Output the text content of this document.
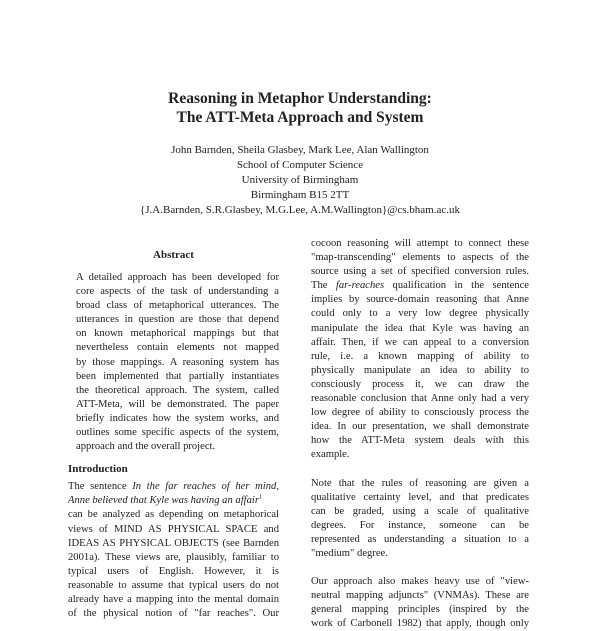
Reasoning in Metaphor Understanding:
The ATT-Meta Approach and System
John Barnden, Sheila Glasbey, Mark Lee, Alan Wallington
School of Computer Science
University of Birmingham
Birmingham B15 2TT
{J.A.Barnden, S.R.Glasbey, M.G.Lee, A.M.Wallington}@cs.bham.ac.uk
Abstract
A detailed approach has been developed for
core aspects of the task of understanding a
broad class of metaphorical utterances. The
utterances in question are those that depend
on known metaphorical mappings but that
nevertheless contain elements not mapped
by those mappings. A reasoning system has
been implemented that partially instantiates
the theoretical approach. The system, called
ATT-Meta, will be demonstrated. The paper
briefly indicates how the system works, and
outlines some specific aspects of the system,
approach and the overall project.
Introduction
The sentence In the far reaches of her mind,
Anne believed that Kyle was having an affair$^1$
can be analyzed as depending on metaphorical
views of MIND AS PHYSICAL SPACE and
IDEAS AS PHYSICAL OBJECTS (see Barnden
2001a). These views are, plausibly, familiar to
typical users of English. However, it is
reasonable to assume that typical users do not
already have a mapping into the mental domain
of the physical notion of "far reaches". Our
cocoon reasoning will attempt to connect these
"map-transcending" elements to aspects of the
source using a set of specified conversion rules.
The far-reaches qualification in the sentence
implies by source-domain reasoning that Anne
could only to a very low degree physically
manipulate the idea that Kyle was having an
affair. Then, if we can appeal to a conversion
rule, i.e. a known mapping of ability to
physically manipulate an idea to ability to
consciously process it, we can draw the
reasonable conclusion that Anne only had a very
low degree of ability to consciously process the
idea. In our presentation, we shall demonstrate
how the ATT-Meta system deals with this
example.
Note that the rules of reasoning are given a
qualitative certainty level, and that predicates
can be graded, using a scale of qualitative
degrees. For instance, someone can be
represented as understanding a situation to a
"medium" degree.
Our approach also makes heavy use of "view-
neutral mapping adjuncts" (VNMAs). These are
general mapping principles (inspired by the
work of Carbonell 1982) that apply, though only
